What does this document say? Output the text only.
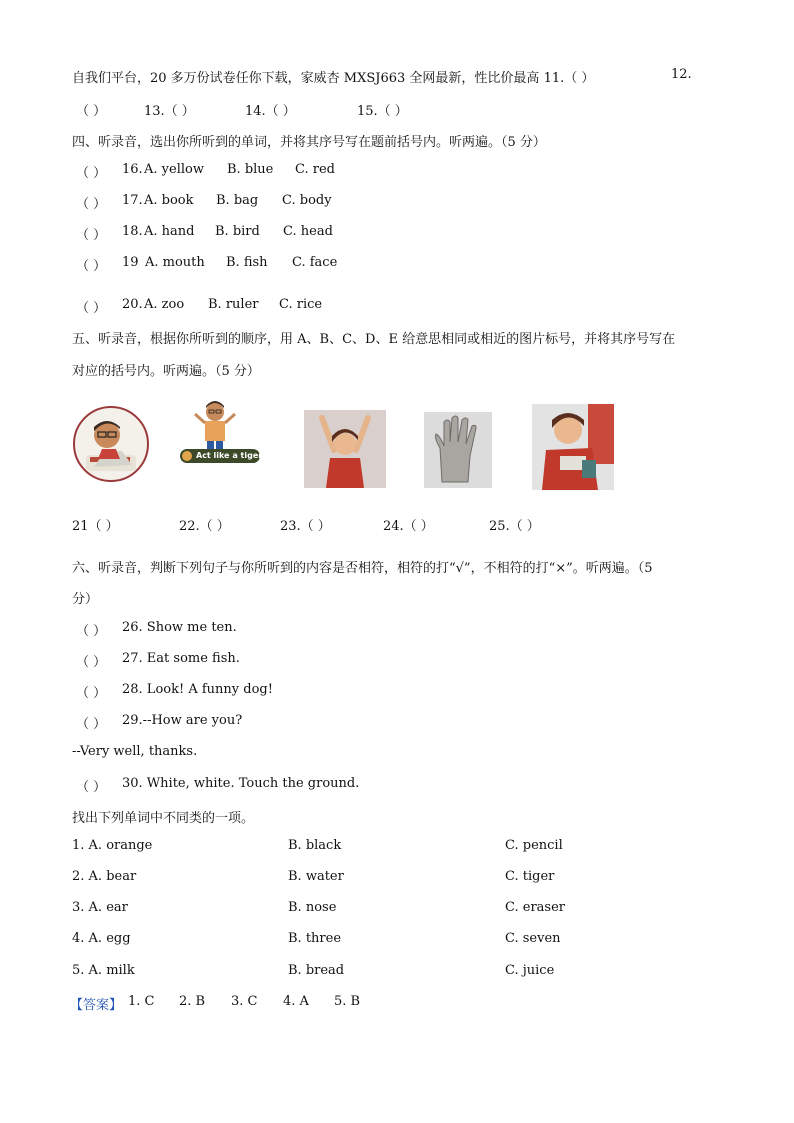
自我们平台，20 多万份试卷任你下载，家威杏 MXSJ663 全网最新，性比价最高 11.（ ）	12.
（ ）	13.（ ）	14.（ ）	15.（ ）
四、听录音，选出你所听到的单词，并将其序号写在题前括号内。听两遍。（5 分）
（ ） 16. A. yellow B. blue C. red
（ ） 17. A. book B. bag C. body
（ ） 18. A. hand B. bird C. head
（ ） 19 A. mouth B. fish C. face
（ ） 20. A. zoo B. ruler C. rice
五、听录音，根据你所听到的顺序，用 A、B、C、D、E 给意思相同或相近的图片标号，并将其序号写在
对应的括号内。听两遍。（5 分）
Act like a tiger
21（ ）	22.（ ）	23.（ ）	24.（ ）	25.（ ）
六、听录音，判断下列句子与你所听到的内容是否相符，相符的打“√”，不相符的打“×”。听两遍。（5
分）
（ ） 26. Show me ten.
（ ） 27. Eat some fish.
（ ） 28. Look! A funny dog!
（ ） 29.--How are you?
--Very well, thanks.
（ ） 30. White, white. Touch the ground.
找出下列单词中不同类的一项。
1. A. orange	B. black	C. pencil
2. A. bear	B. water	C. tiger
3. A. ear	B. nose	C. eraser
4. A. egg	B. three	C. seven
5. A. milk	B. bread	C. juice
【答案】 1. C 2. B 3. C 4. A 5. B
